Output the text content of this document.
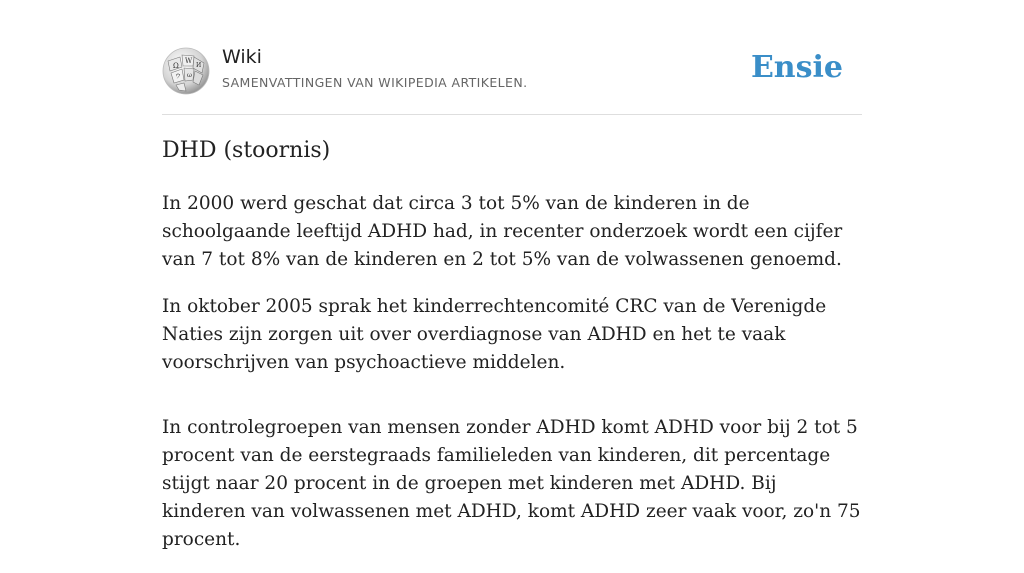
Ω
W
И
ウ ω
Wiki
SAMENVATTINGEN VAN WIKIPEDIA ARTIKELEN.	Ensie
DHD (stoornis)

In 2000 werd geschat dat circa 3 tot 5% van de kinderen in de schoolgaande leeftijd ADHD had, in recenter onderzoek wordt een cijfer van 7 tot 8% van de kinderen en 2 tot 5% van de volwassenen genoemd.

In oktober 2005 sprak het kinderrechtencomité CRC van de Verenigde Naties zijn zorgen uit over overdiagnose van ADHD en het te vaak voorschrijven van psychoactieve middelen.

In controlegroepen van mensen zonder ADHD komt ADHD voor bij 2 tot 5 procent van de eerstegraads familieleden van kinderen, dit percentage stijgt naar 20 procent in de groepen met kinderen met ADHD. Bij kinderen van volwassenen met ADHD, komt ADHD zeer vaak voor, zo'n 75 procent.
